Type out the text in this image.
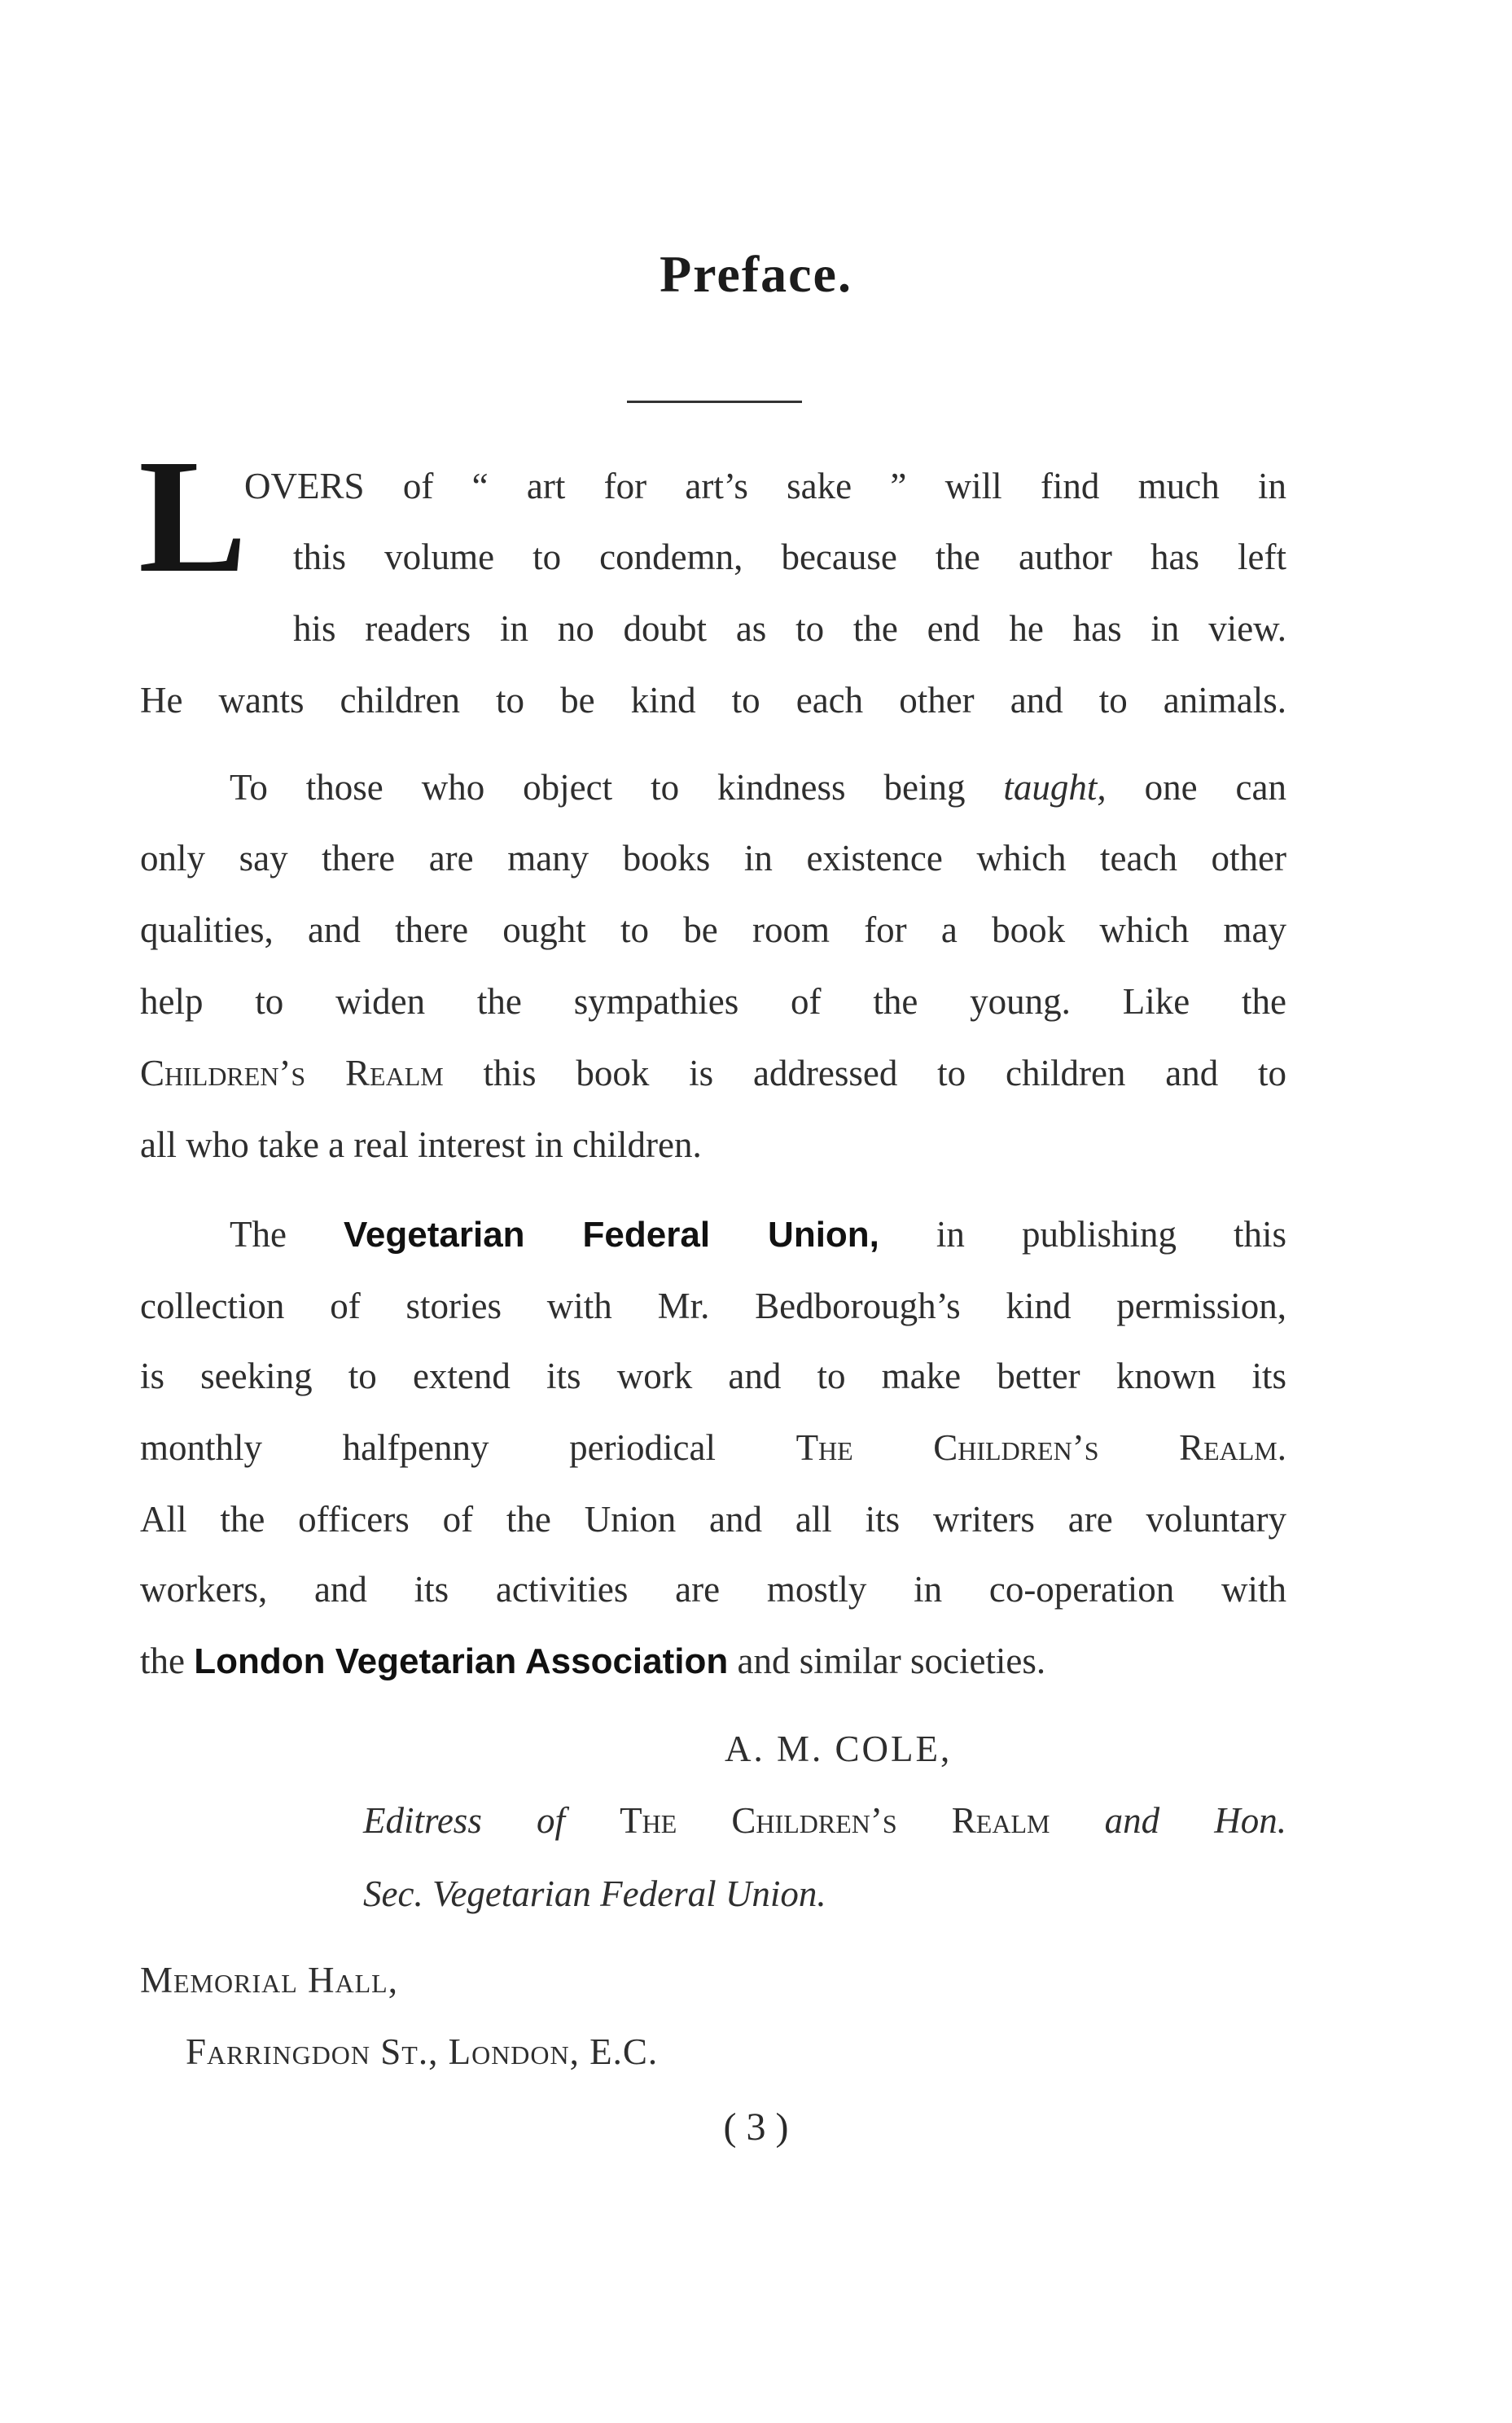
Preface.
L
OVERS of “ art for art’s sake ” will find much in
this volume to condemn, because the author has left
his readers in no doubt as to the end he has in view.
He wants children to be kind to each other and to animals.
To those who object to kindness being taught, one can
only say there are many books in existence which teach other
qualities, and there ought to be room for a book which may
help to widen the sympathies of the young. Like the
Children’s Realm this book is addressed to children and to
all who take a real interest in children.
The Vegetarian Federal Union, in publishing this
collection of stories with Mr. Bedborough’s kind permission,
is seeking to extend its work and to make better known its
monthly halfpenny periodical The Children’s Realm.
All the officers of the Union and all its writers are voluntary
workers, and its activities are mostly in co-operation with
the London Vegetarian Association and similar societies.
A. M. COLE,
Editress of The Children’s Realm and Hon.
Sec. Vegetarian Federal Union.
Memorial Hall,
Farringdon St., London, E.C.
( 3 )
